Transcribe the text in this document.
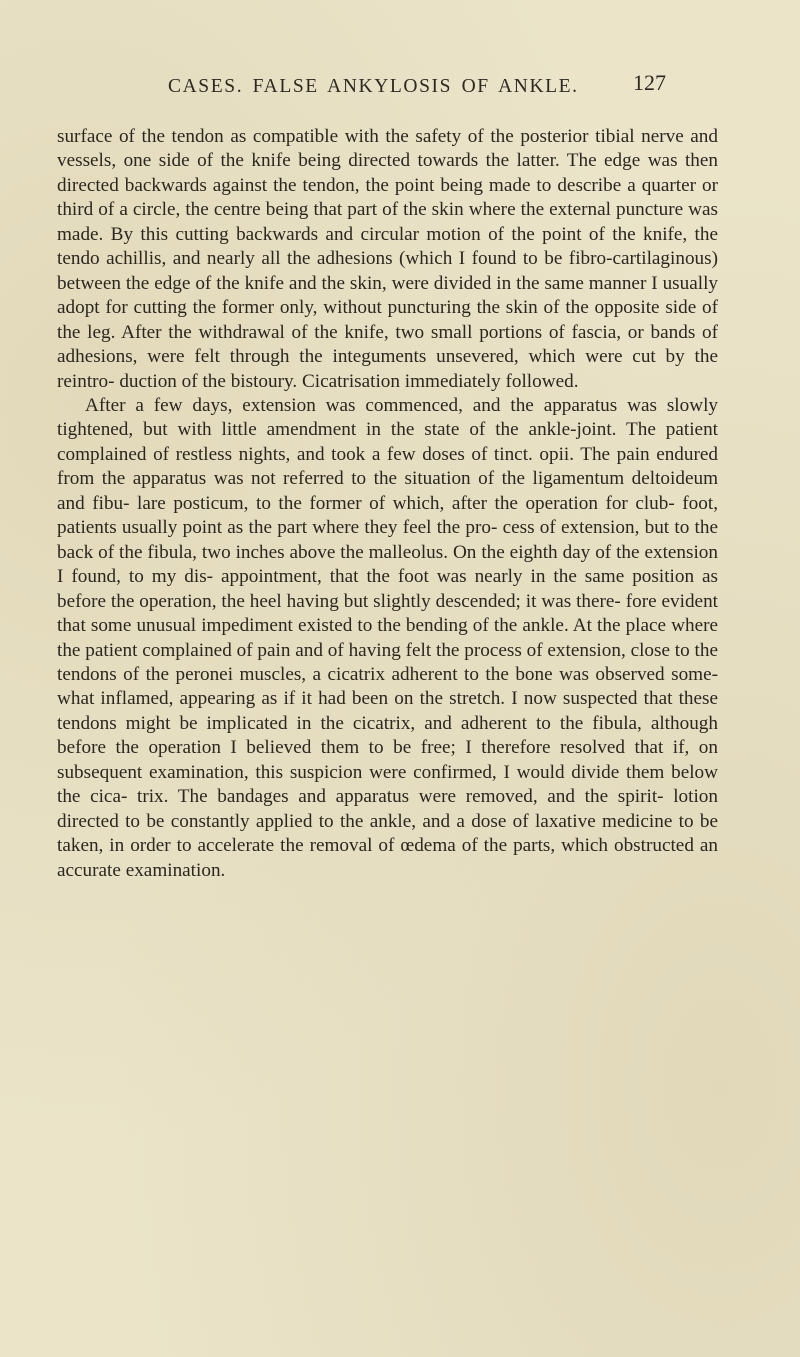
CASES. FALSE ANKYLOSIS OF ANKLE. 127

surface of the tendon as compatible with the safety of the posterior tibial nerve and vessels, one side of the knife being directed towards the latter. The edge was then directed backwards against the tendon, the point being made to describe a quarter or third of a circle, the centre being that part of the skin where the external puncture was made. By this cutting backwards and circular motion of the point of the knife, the tendo achillis, and nearly all the adhesions (which I found to be fibro-cartilaginous) between the edge of the knife and the skin, were divided in the same manner I usually adopt for cutting the former only, without puncturing the skin of the opposite side of the leg. After the withdrawal of the knife, two small portions of fascia, or bands of adhesions, were felt through the integuments unsevered, which were cut by the reintro- duction of the bistoury. Cicatrisation immediately followed.

After a few days, extension was commenced, and the apparatus was slowly tightened, but with little amendment in the state of the ankle-joint. The patient complained of restless nights, and took a few doses of tinct. opii. The pain endured from the apparatus was not referred to the situation of the ligamentum deltoideum and fibu- lare posticum, to the former of which, after the operation for club- foot, patients usually point as the part where they feel the pro- cess of extension, but to the back of the fibula, two inches above the malleolus. On the eighth day of the extension I found, to my dis- appointment, that the foot was nearly in the same position as before the operation, the heel having but slightly descended; it was there- fore evident that some unusual impediment existed to the bending of the ankle. At the place where the patient complained of pain and of having felt the process of extension, close to the tendons of the peronei muscles, a cicatrix adherent to the bone was observed some- what inflamed, appearing as if it had been on the stretch. I now suspected that these tendons might be implicated in the cicatrix, and adherent to the fibula, although before the operation I believed them to be free; I therefore resolved that if, on subsequent examination, this suspicion were confirmed, I would divide them below the cica- trix. The bandages and apparatus were removed, and the spirit- lotion directed to be constantly applied to the ankle, and a dose of laxative medicine to be taken, in order to accelerate the removal of œdema of the parts, which obstructed an accurate examination.
